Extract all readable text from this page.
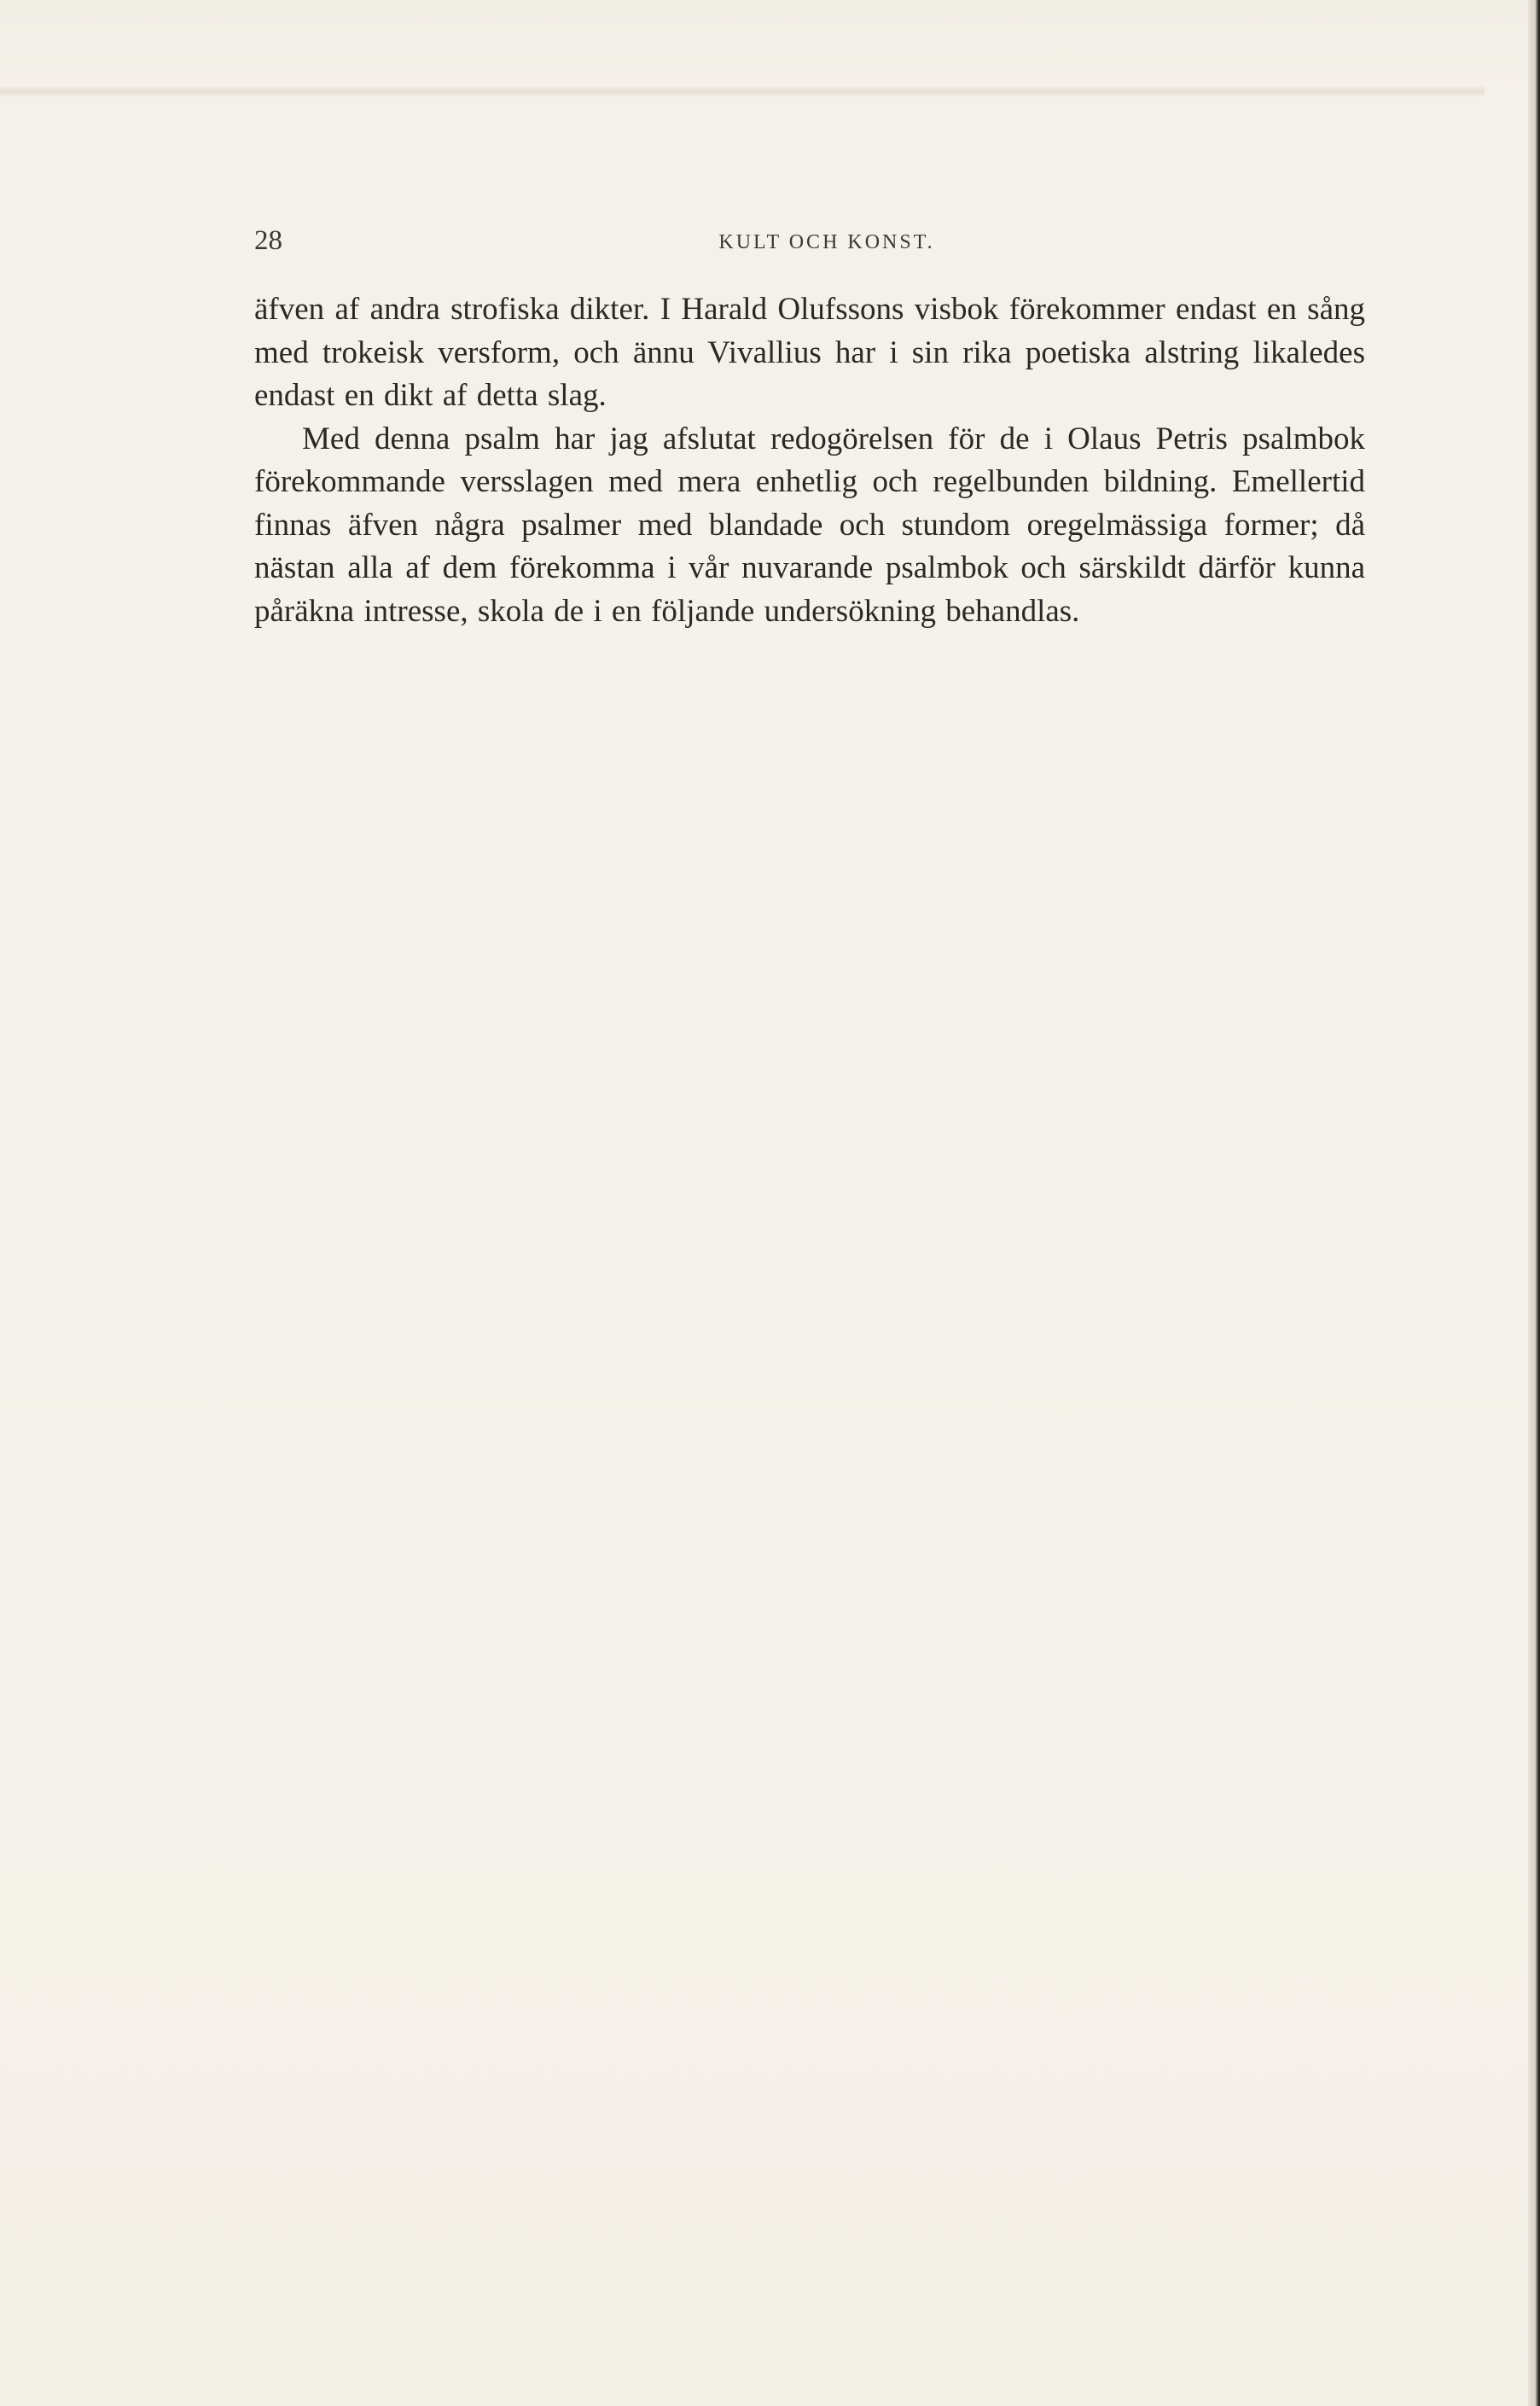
28	KULT OCH KONST.

äfven af andra strofiska dikter. I Harald Olufssons visbok förekommer endast en sång med trokeisk versform, och ännu Vivallius har i sin rika poetiska alstring likaledes endast en dikt af detta slag.

Med denna psalm har jag afslutat redogörelsen för de i Olaus Petris psalmbok förekommande versslagen med mera enhetlig och regelbunden bildning. Emellertid finnas äfven några psalmer med blandade och stundom oregelmässiga former; då nästan alla af dem förekomma i vår nuvarande psalmbok och särskildt därför kunna påräkna intresse, skola de i en följande undersökning behandlas.
